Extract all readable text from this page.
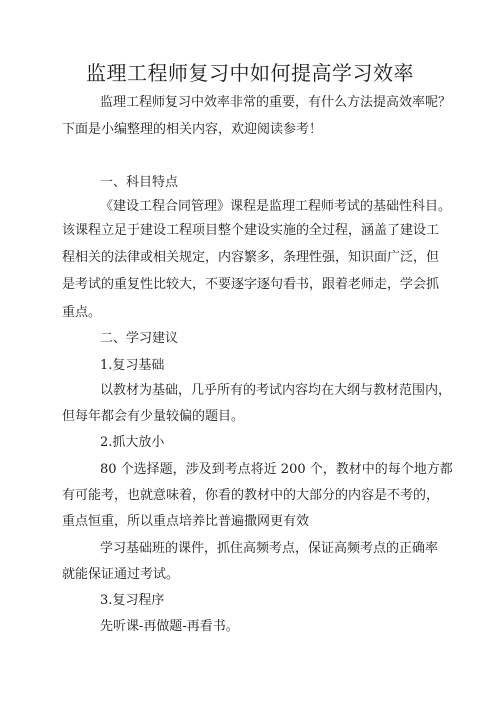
监理工程师复习中如何提高学习效率
监理工程师复习中效率非常的重要，有什么方法提高效率呢？
下面是小编整理的相关内容，欢迎阅读参考！
一、科目特点
《建设工程合同管理》课程是监理工程师考试的基础性科目。
该课程立足于建设工程项目整个建设实施的全过程，涵盖了建设工
程相关的法律或相关规定，内容繁多，条理性强，知识面广泛，但
是考试的重复性比较大，不要逐字逐句看书，跟着老师走，学会抓
重点。
二、学习建议
1.复习基础
以教材为基础，几乎所有的考试内容均在大纲与教材范围内，
但每年都会有少量较偏的题目。
2.抓大放小
80 个选择题，涉及到考点将近 200 个，教材中的每个地方都
有可能考，也就意味着，你看的教材中的大部分的内容是不考的，
重点恒重，所以重点培养比普遍撒网更有效
学习基础班的课件，抓住高频考点，保证高频考点的正确率
就能保证通过考试。
3.复习程序
先听课-再做题-再看书。
